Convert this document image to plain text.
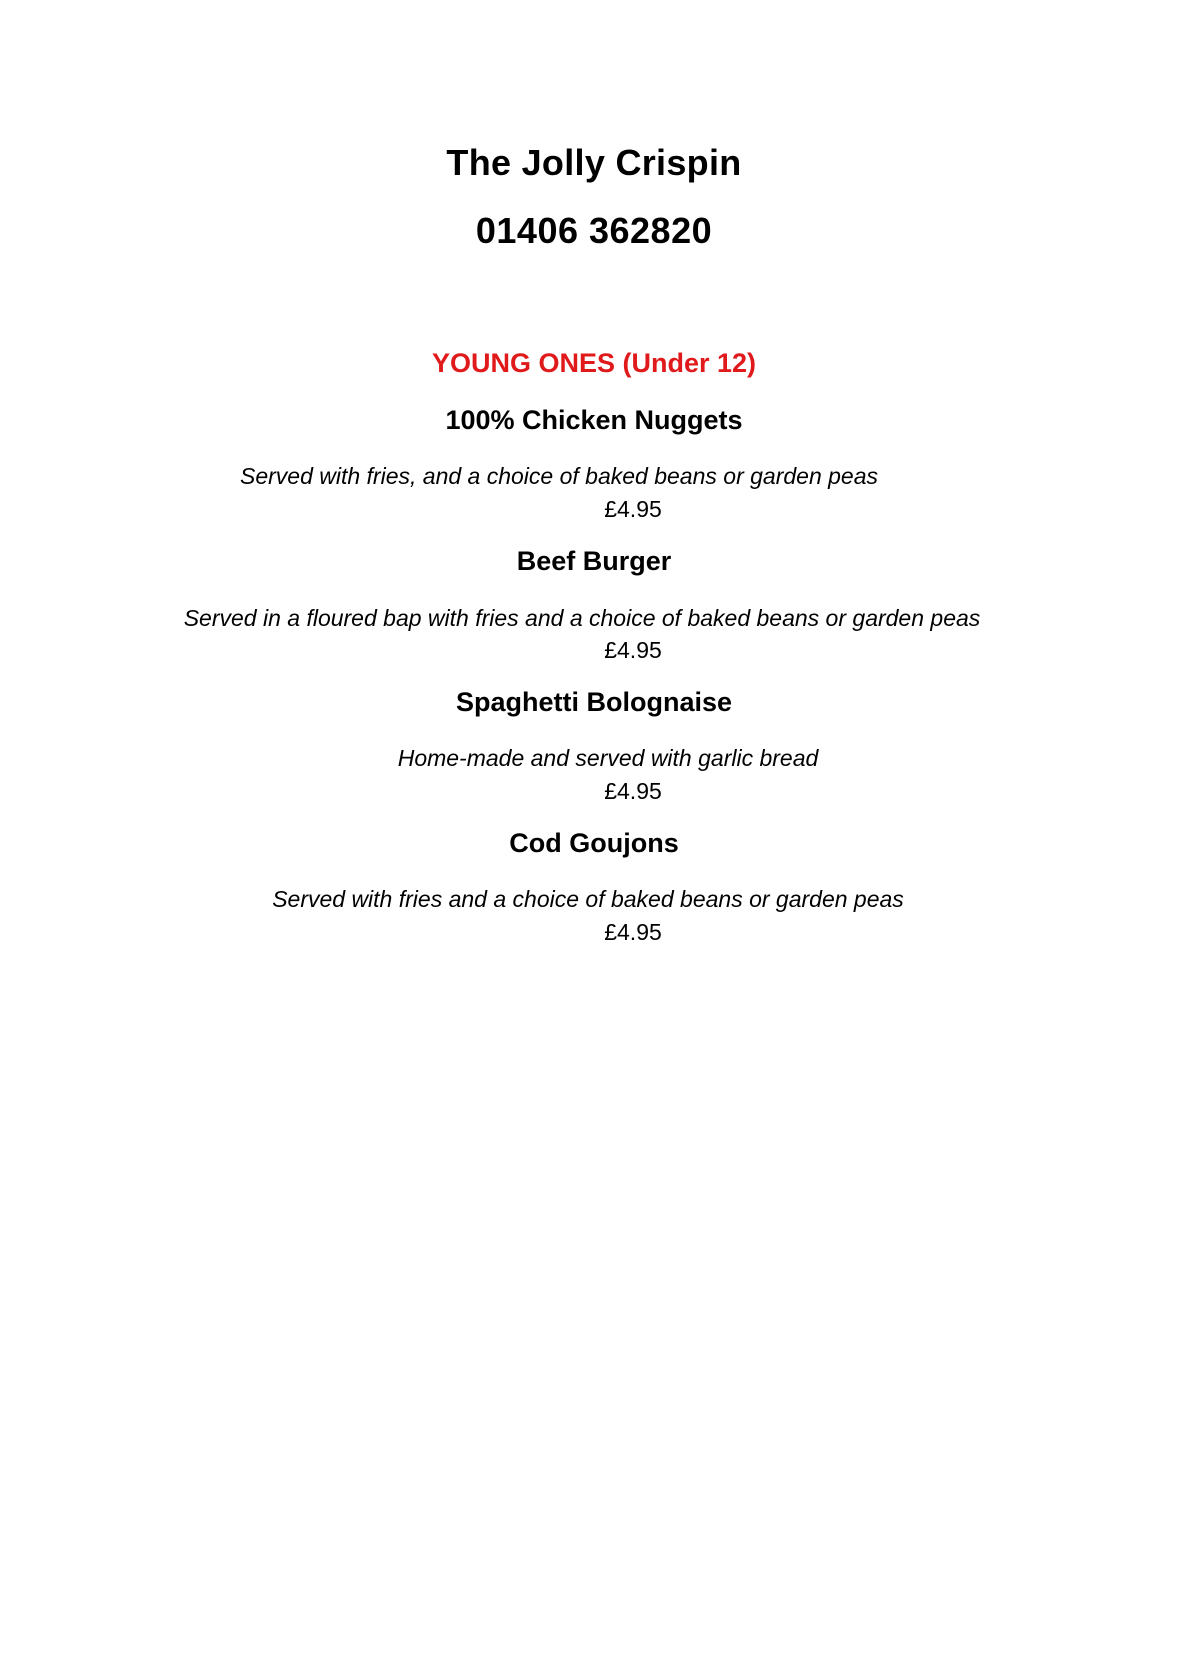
The Jolly Crispin
01406 362820
YOUNG ONES (Under 12)
100% Chicken Nuggets
Served with fries, and a choice of baked beans or garden peas
£4.95
Beef Burger
Served in a floured bap with fries and a choice of baked beans or garden peas
£4.95
Spaghetti Bolognaise
Home-made and served with garlic bread
£4.95
Cod Goujons
Served with fries and a choice of baked beans or garden peas
£4.95
